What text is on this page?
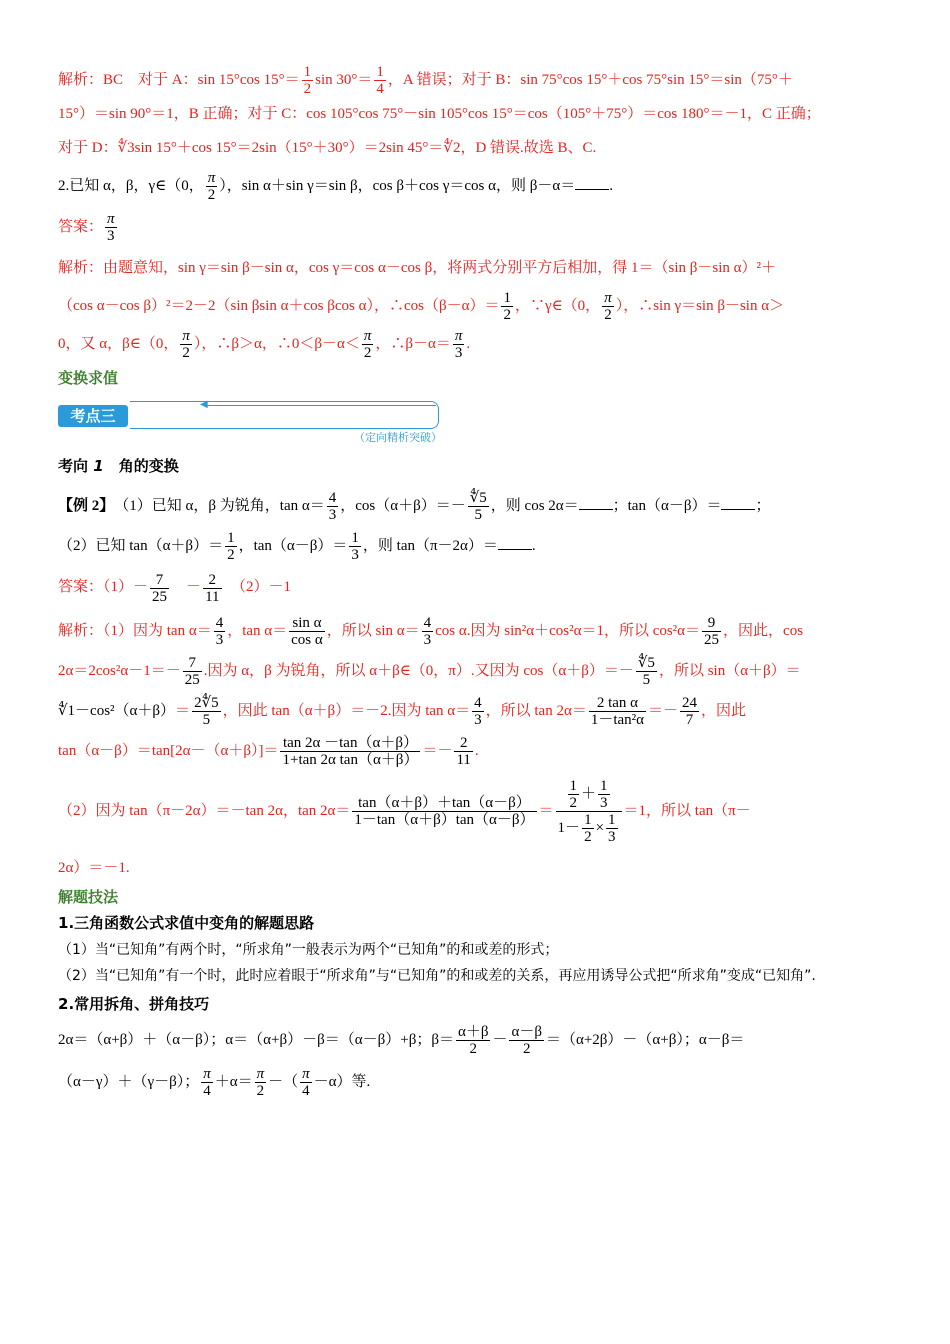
解析：BC　对于 A：sin 15°cos $15^\circ= \frac{1}{2}$ $\sin 30^\circ= \frac{1}{4}$ ，A 错误；对于 B：sin 75°cos 15°＋cos 75°sin 15°＝sin（75°＋

15°）＝sin 90°＝1，B 正确；对于 C：cos 105°cos 75°－sin 105°cos 15°＝cos（105°＋75°）＝cos 180°＝－1，C 正确；

对于 D：∜3sin 15°＋cos 15°＝2sin（15°＋30°）＝2sin 45°＝∜2，D 错误.故选 B、C.

2.已知 α，β，γ∈（0， $\frac{\pi}{2}$ ），sin α＋sin γ＝sin β，cos β＋cos γ＝cos α，则 β－α＝ .

答案： $\frac{\pi}{3}$

解析：由题意知，sin γ＝sin β－sin α，cos γ＝cos α－cos β，将两式分别平方后相加，得 1＝（sin β－sin α）²＋

（cos α－cos β）²＝2－2（sin βsin α＋cos βcos α），∴cos（β－α）＝ $\frac{1}{2}$ ，∵γ∈（0， $\frac{\pi}{2}$ ），∴sin γ＝sin β－sin α＞

0，又 α，β∈（0， $\frac{\pi}{2}$ ），∴β＞α，∴0＜β－α＜ $\frac{\pi}{2}$ ，∴β－α＝ $\frac{\pi}{3}$ .

变换求值

考点三
◀
（定向精析突破）

考向 1　 角的变换

【例 2】　 （1）已知 α，β 为锐角，$\tan \alpha= \frac{4}{3}$ ，$\cos(\alpha+\beta)=- \frac{∜5}{5}$ ，则 cos 2α＝ ；tan（α－β）＝ ；

（2）已知 $\tan(\alpha+\beta)= \frac{1}{2}$ ，$\tan(\alpha-\beta)= \frac{1}{3}$ ，则 tan（π－2α）＝ .

答案：$(1)- \frac{7}{25}$
　 － $\frac{2}{11}$
　 （2）－1

解析：（1）因为 $\tan \alpha= \frac{4}{3}$ ，$\tan \alpha= \frac{\text{sin α}}{\text{cos α}}$ ，所以 $\sin \alpha= \frac{4}{3}$ cos α.因为 sin²α＋cos²α＝1，所以 $\cos^2\alpha= \frac{9}{25}$ ，因此，cos

$2\alpha=2\cos^2\alpha-1=- \frac{7}{25}$ .因为 α，β 为锐角，所以 α＋β∈（0，π）.又因为 $\cos(\alpha+\beta)=- \frac{∜5}{5}$ ，所以 sin（α＋β）＝

∜1－cos²（α＋β）＝ $\frac{2∜5}{5}$ ，因此 tan（α＋β）＝－2.因为 $\tan \alpha= \frac{4}{3}$ ，所以 $\tan 2\alpha= \frac{\text{2 tan α}}{\text{1－tan²α}} =- \frac{24}{7}$ ，因此

$\tan(\alpha-\beta)=\tan[2\alpha-(\alpha+\beta)]= \frac{\tan 2\alpha -\tan(\alpha+\beta)}{\text{1+tan 2α tan（α＋β）}} =- \frac{2}{11}$ .

（2）因为 tan（π－2α）＝－tan 2α，$\tan 2\alpha= \frac{\tan(\alpha+\beta)+\tan(\alpha-\beta)}{1-\tan(\alpha+\beta)\tan(\alpha-\beta)} = \frac{\frac{1}{2} + \frac{1}{3}}{1- \frac{1}{2} \times \frac{1}{3}} =1$，所以 tan（π－

2α）＝－1.

解题技法

1.三角函数公式求值中变角的解题思路

（1）当“已知角”有两个时，“所求角”一般表示为两个“已知角”的和或差的形式；

（2）当“已知角”有一个时，此时应着眼于“所求角”与“已知角”的和或差的关系，再应用诱导公式把“所求角”变成“已知角”.

2.常用拆角、拼角技巧

2α＝（α+β）＋（α－β）；α＝（α+β）－β＝（α－β）+β；$\beta= \frac{\alpha+\beta}{2} - \frac{\alpha-\beta}{2} =(\alpha+2\beta)-(\alpha+\beta)$；α－β＝

（α－γ）＋（γ－β）； $\frac{\pi}{4} +\alpha= \frac{\pi}{2}$ －（ $\frac{\pi}{4} -\alpha$）等.
